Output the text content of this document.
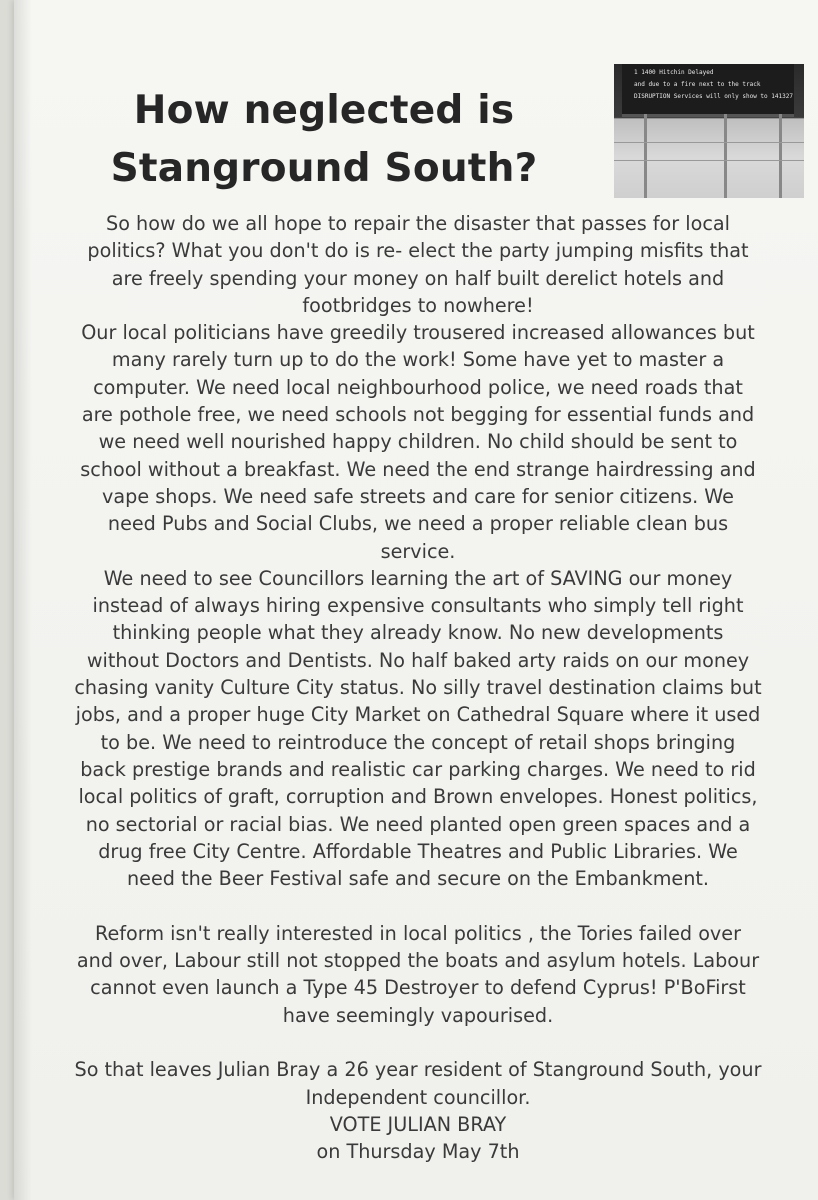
How neglected is
Stanground South?
1 1400 Hitchin Delayed
and due to a fire next to the track
DISRUPTION Services will only show to 141327
So how do we all hope to repair the disaster that passes for local
politics? What you don't do is re- elect the party jumping misfits that
are freely spending your money on half built derelict hotels and
footbridges to nowhere!
Our local politicians have greedily trousered increased allowances but
many rarely turn up to do the work! Some have yet to master a
computer. We need local neighbourhood police, we need roads that
are pothole free, we need schools not begging for essential funds and
we need well nourished happy children. No child should be sent to
school without a breakfast. We need the end strange hairdressing and
vape shops. We need safe streets and care for senior citizens. We
need Pubs and Social Clubs, we need a proper reliable clean bus
service.
We need to see Councillors learning the art of SAVING our money
instead of always hiring expensive consultants who simply tell right
thinking people what they already know. No new developments
without Doctors and Dentists. No half baked arty raids on our money
chasing vanity Culture City status. No silly travel destination claims but
jobs, and a proper huge City Market on Cathedral Square where it used
to be. We need to reintroduce the concept of retail shops bringing
back prestige brands and realistic car parking charges. We need to rid
local politics of graft, corruption and Brown envelopes. Honest politics,
no sectorial or racial bias. We need planted open green spaces and a
drug free City Centre. Affordable Theatres and Public Libraries. We
need the Beer Festival safe and secure on the Embankment.
Reform isn't really interested in local politics , the Tories failed over
and over, Labour still not stopped the boats and asylum hotels. Labour
cannot even launch a Type 45 Destroyer to defend Cyprus! P'BoFirst
have seemingly vapourised.
So that leaves Julian Bray a 26 year resident of Stanground South, your
Independent councillor.
VOTE JULIAN BRAY
on Thursday May 7th
